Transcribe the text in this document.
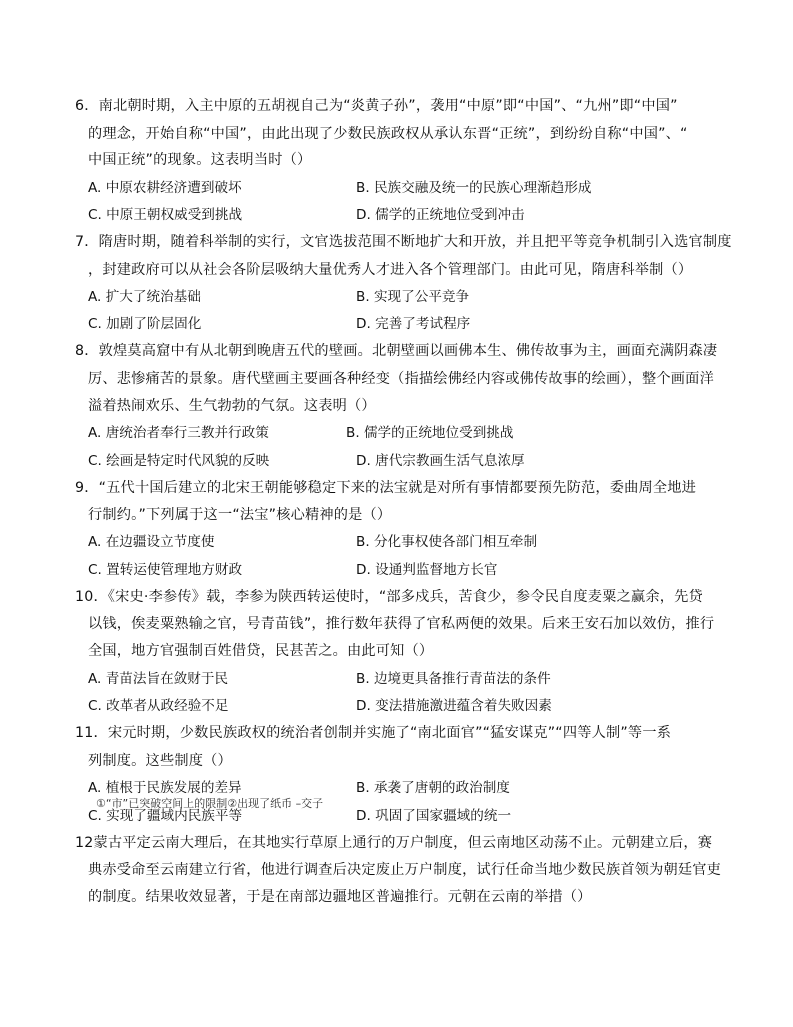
6．南北朝时期，入主中原的五胡视自己为“炎黄子孙”，袭用“中原”即“中国”、“九州”即“中国”
的理念，开始自称“中国”，由此出现了少数民族政权从承认东晋“正统”，到纷纷自称“中国”、“
中国正统”的现象。这表明当时（）
A. 中原农耕经济遭到破坏	B. 民族交融及统一的民族心理渐趋形成
C. 中原王朝权威受到挑战	D. 儒学的正统地位受到冲击
7．隋唐时期，随着科举制的实行，文官选拔范围不断地扩大和开放，并且把平等竞争机制引入选官制度
，封建政府可以从社会各阶层吸纳大量优秀人才进入各个管理部门。由此可见，隋唐科举制（）
A. 扩大了统治基础	B. 实现了公平竞争
C. 加剧了阶层固化	D. 完善了考试程序
8．敦煌莫高窟中有从北朝到晚唐五代的壁画。北朝壁画以画佛本生、佛传故事为主，画面充满阴森凄
厉、悲惨痛苦的景象。唐代壁画主要画各种经变（指描绘佛经内容或佛传故事的绘画），整个画面洋
溢着热闹欢乐、生气勃勃的气氛。这表明（）
A. 唐统治者奉行三教并行政策	B. 儒学的正统地位受到挑战
C. 绘画是特定时代风貌的反映	D. 唐代宗教画生活气息浓厚
9．“五代十国后建立的北宋王朝能够稳定下来的法宝就是对所有事情都要预先防范，委曲周全地进
行制约。”下列属于这一“法宝”核心精神的是（）
A. 在边疆设立节度使	B. 分化事权使各部门相互牵制
C. 置转运使管理地方财政	D. 设通判监督地方长官
10．《宋史·李参传》载，李参为陕西转运使时，“部多戍兵，苦食少，参令民自度麦粟之赢余，先贷
以钱，俟麦粟熟输之官，号青苗钱”，推行数年获得了官私两便的效果。后来王安石加以效仿，推行
全国，地方官强制百姓借贷，民甚苦之。由此可知（）
A. 青苗法旨在敛财于民	B. 边境更具备推行青苗法的条件
C. 改革者从政经验不足	D. 变法措施激进蕴含着失败因素
11．宋元时期，少数民族政权的统治者创制并实施了“南北面官”“猛安谋克”“四等人制”等一系
列制度。这些制度（）
A. 植根于民族发展的差异	B. 承袭了唐朝的政治制度
①“市”已突破空间上的限制②出现了纸币 –交子
C. 实现了疆域内民族平等	D. 巩固了国家疆域的统一
12蒙古平定云南大理后，在其地实行草原上通行的万户制度，但云南地区动荡不止。元朝建立后，赛
典赤受命至云南建立行省，他进行调查后决定废止万户制度，试行任命当地少数民族首领为朝廷官吏
的制度。结果收效显著，于是在南部边疆地区普遍推行。元朝在云南的举措（）
